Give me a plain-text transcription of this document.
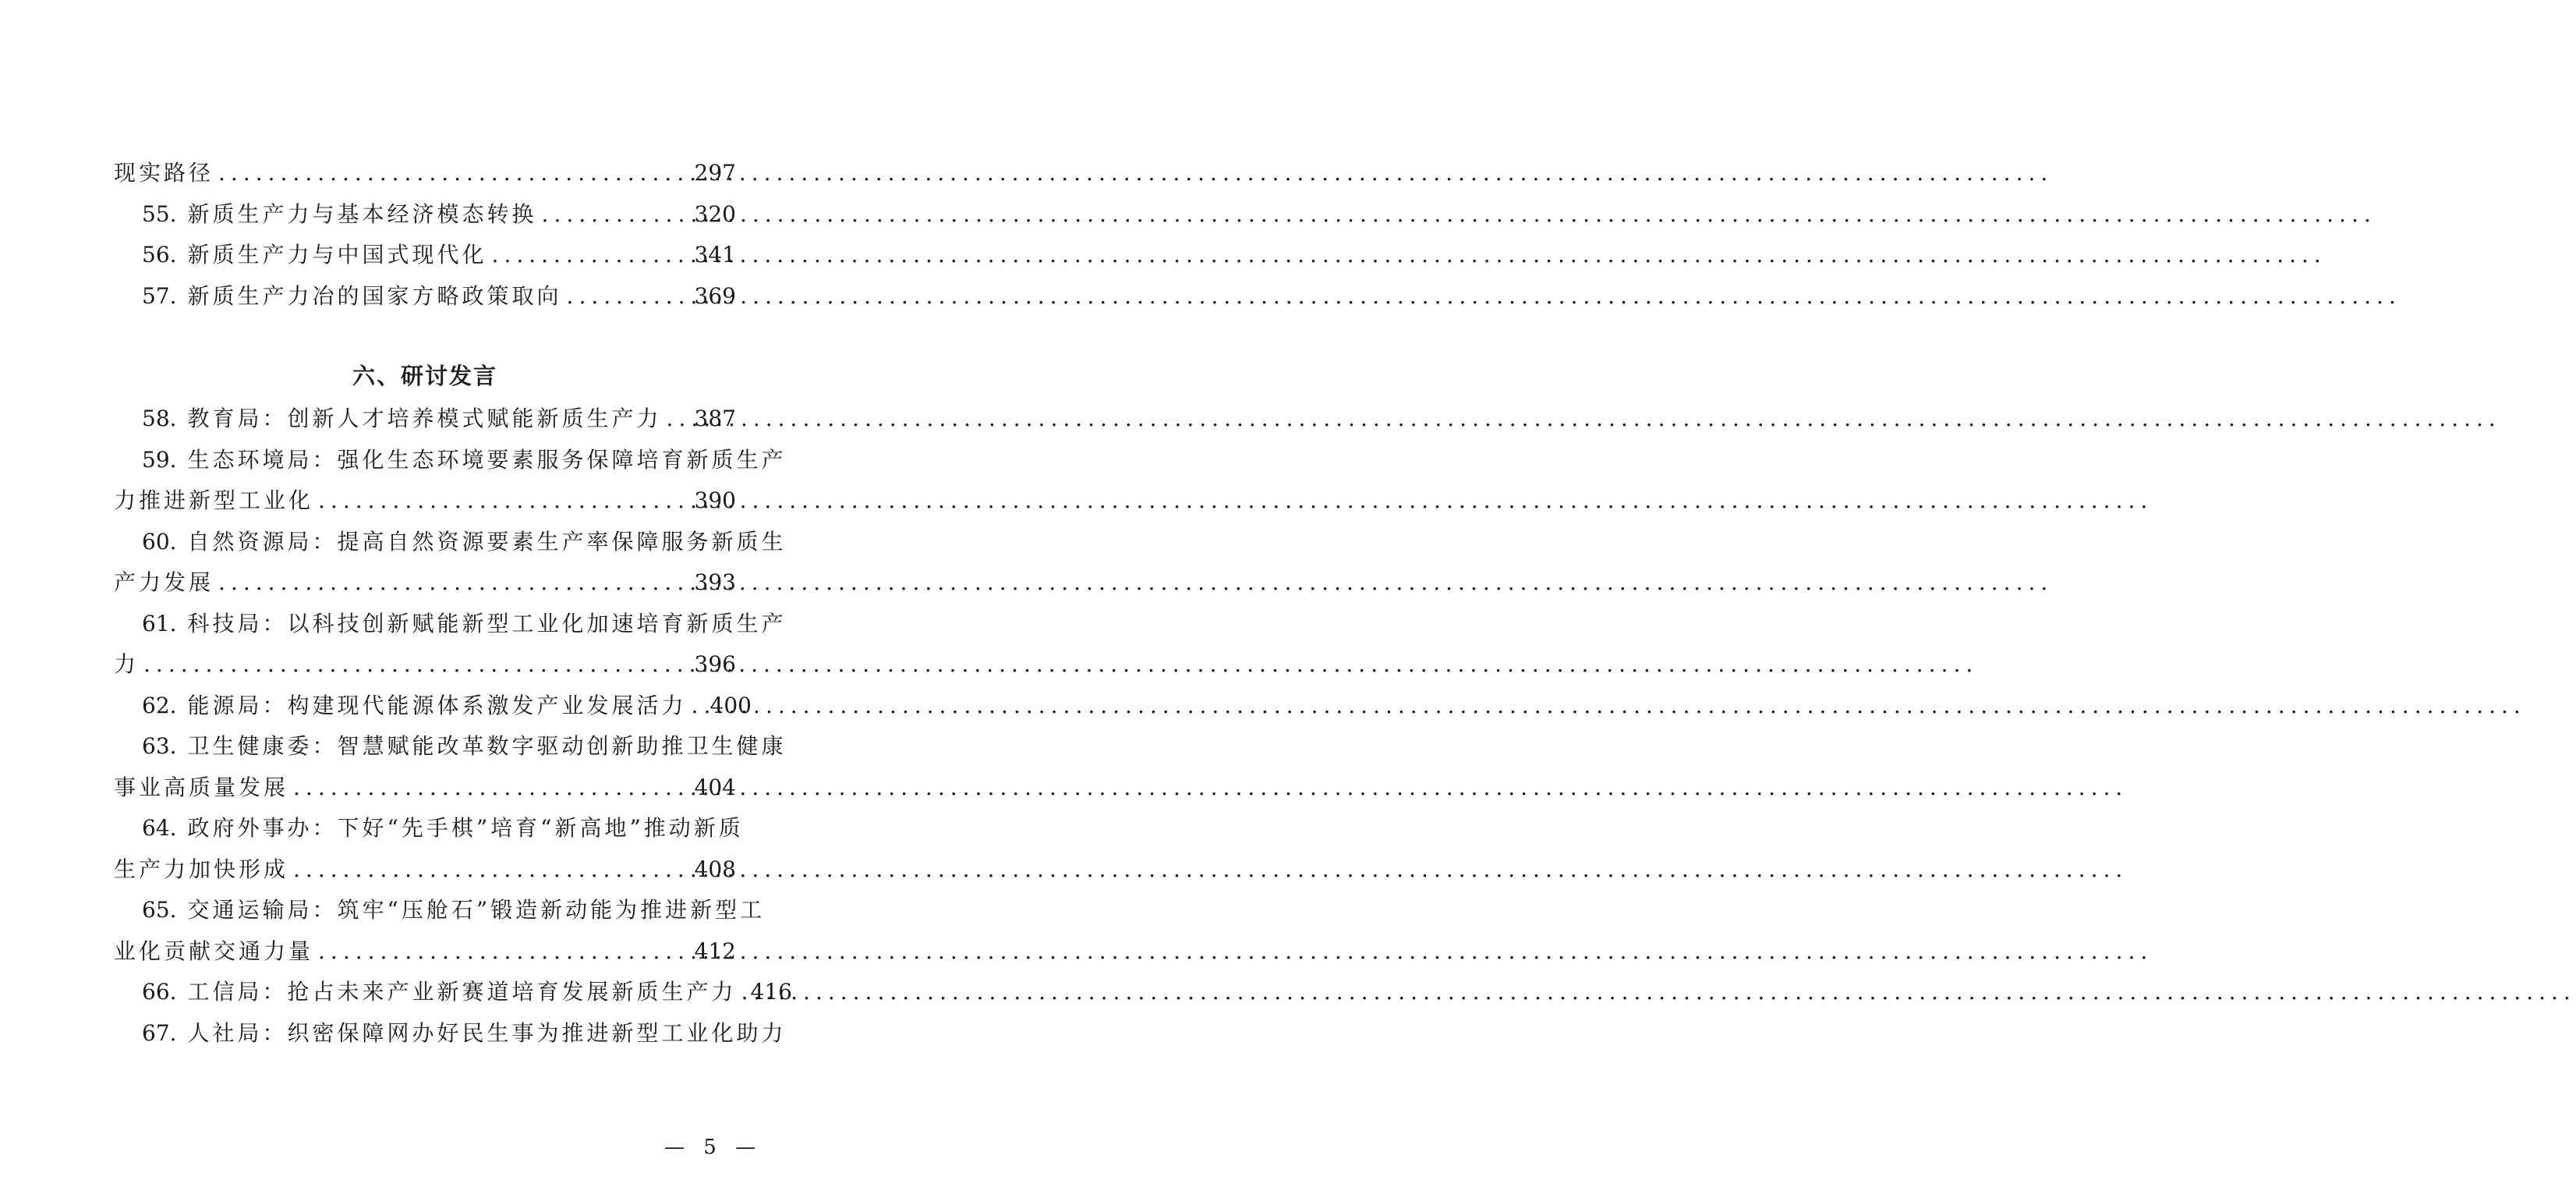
现实路径 .....	297
55. 新质生产力与基本经济模态转换 .....	320
56. 新质生产力与中国式现代化 .....	341
57. 新质生产力冶的国家方略政策取向 .....	369
六、研讨发言
58. 教育局：创新人才培养模式赋能新质生产力 ..... 387
59. 生态环境局：强化生态环境要素服务保障培育新质生产
力推进新型工业化 .....	390
60. 自然资源局：提高自然资源要素生产率保障服务新质生
产力发展 .....	393
61. 科技局：以科技创新赋能新型工业化加速培育新质生产
力 .....	396
62. 能源局：构建现代能源体系激发产业发展活力 ..... 400
63. 卫生健康委：智慧赋能改革数字驱动创新助推卫生健康
事业高质量发展 .....	404
64. 政府外事办：下好“先手棋”培育“新高地”推动新质
生产力加快形成 .....	408
65. 交通运输局：筑牢“压舱石”锻造新动能为推进新型工
业化贡献交通力量 .....	412
66. 工信局：抢占未来产业新赛道培育发展新质生产力 ..... 416
67. 人社局：织密保障网办好民生事为推进新型工业化助力
— 5 —
